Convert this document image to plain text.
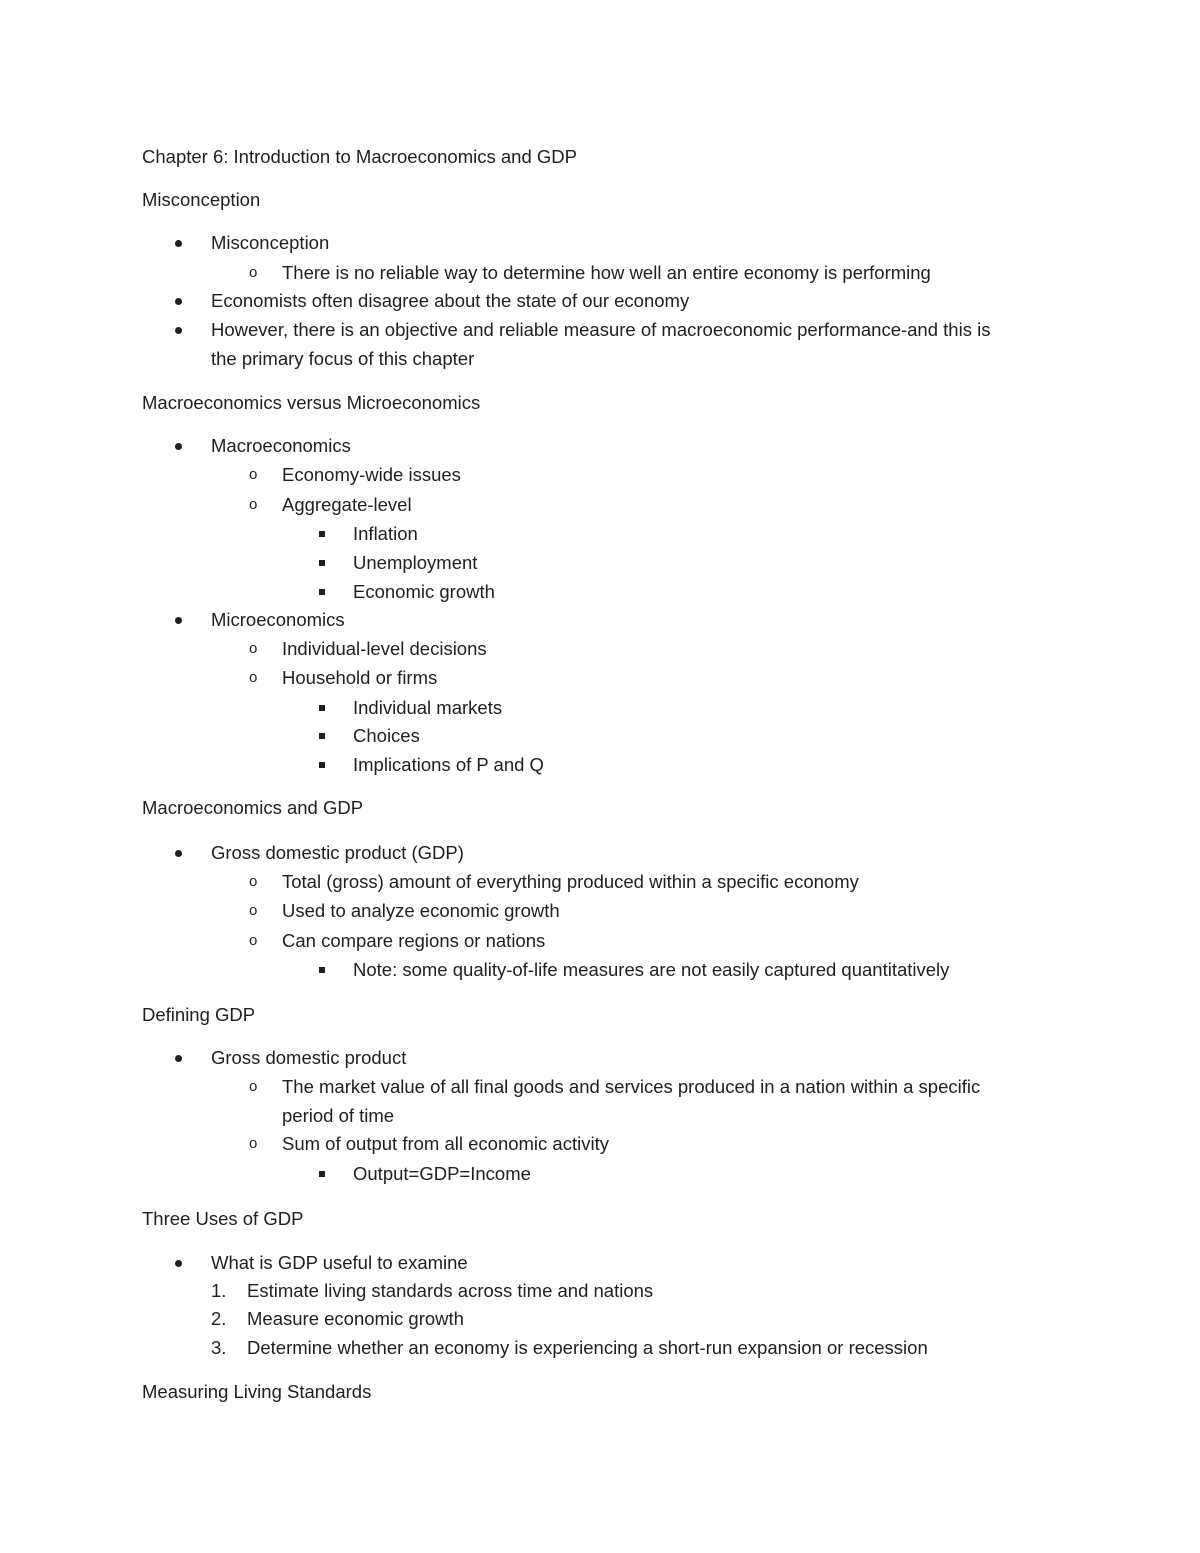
Chapter 6: Introduction to Macroeconomics and GDP
Misconception
Misconception
o There is no reliable way to determine how well an entire economy is performing
Economists often disagree about the state of our economy
However, there is an objective and reliable measure of macroeconomic performance-and this is
the primary focus of this chapter
Macroeconomics versus Microeconomics
Macroeconomics
o Economy-wide issues
o Aggregate-level
Inflation
Unemployment
Economic growth
Microeconomics
o Individual-level decisions
o Household or firms
Individual markets
Choices
Implications of P and Q
Macroeconomics and GDP
Gross domestic product (GDP)
o Total (gross) amount of everything produced within a specific economy
o Used to analyze economic growth
o Can compare regions or nations
Note: some quality-of-life measures are not easily captured quantitatively
Defining GDP
Gross domestic product
o The market value of all final goods and services produced in a nation within a specific
period of time
o Sum of output from all economic activity
Output=GDP=Income
Three Uses of GDP
What is GDP useful to examine
1. Estimate living standards across time and nations
2. Measure economic growth
3. Determine whether an economy is experiencing a short-run expansion or recession
Measuring Living Standards
